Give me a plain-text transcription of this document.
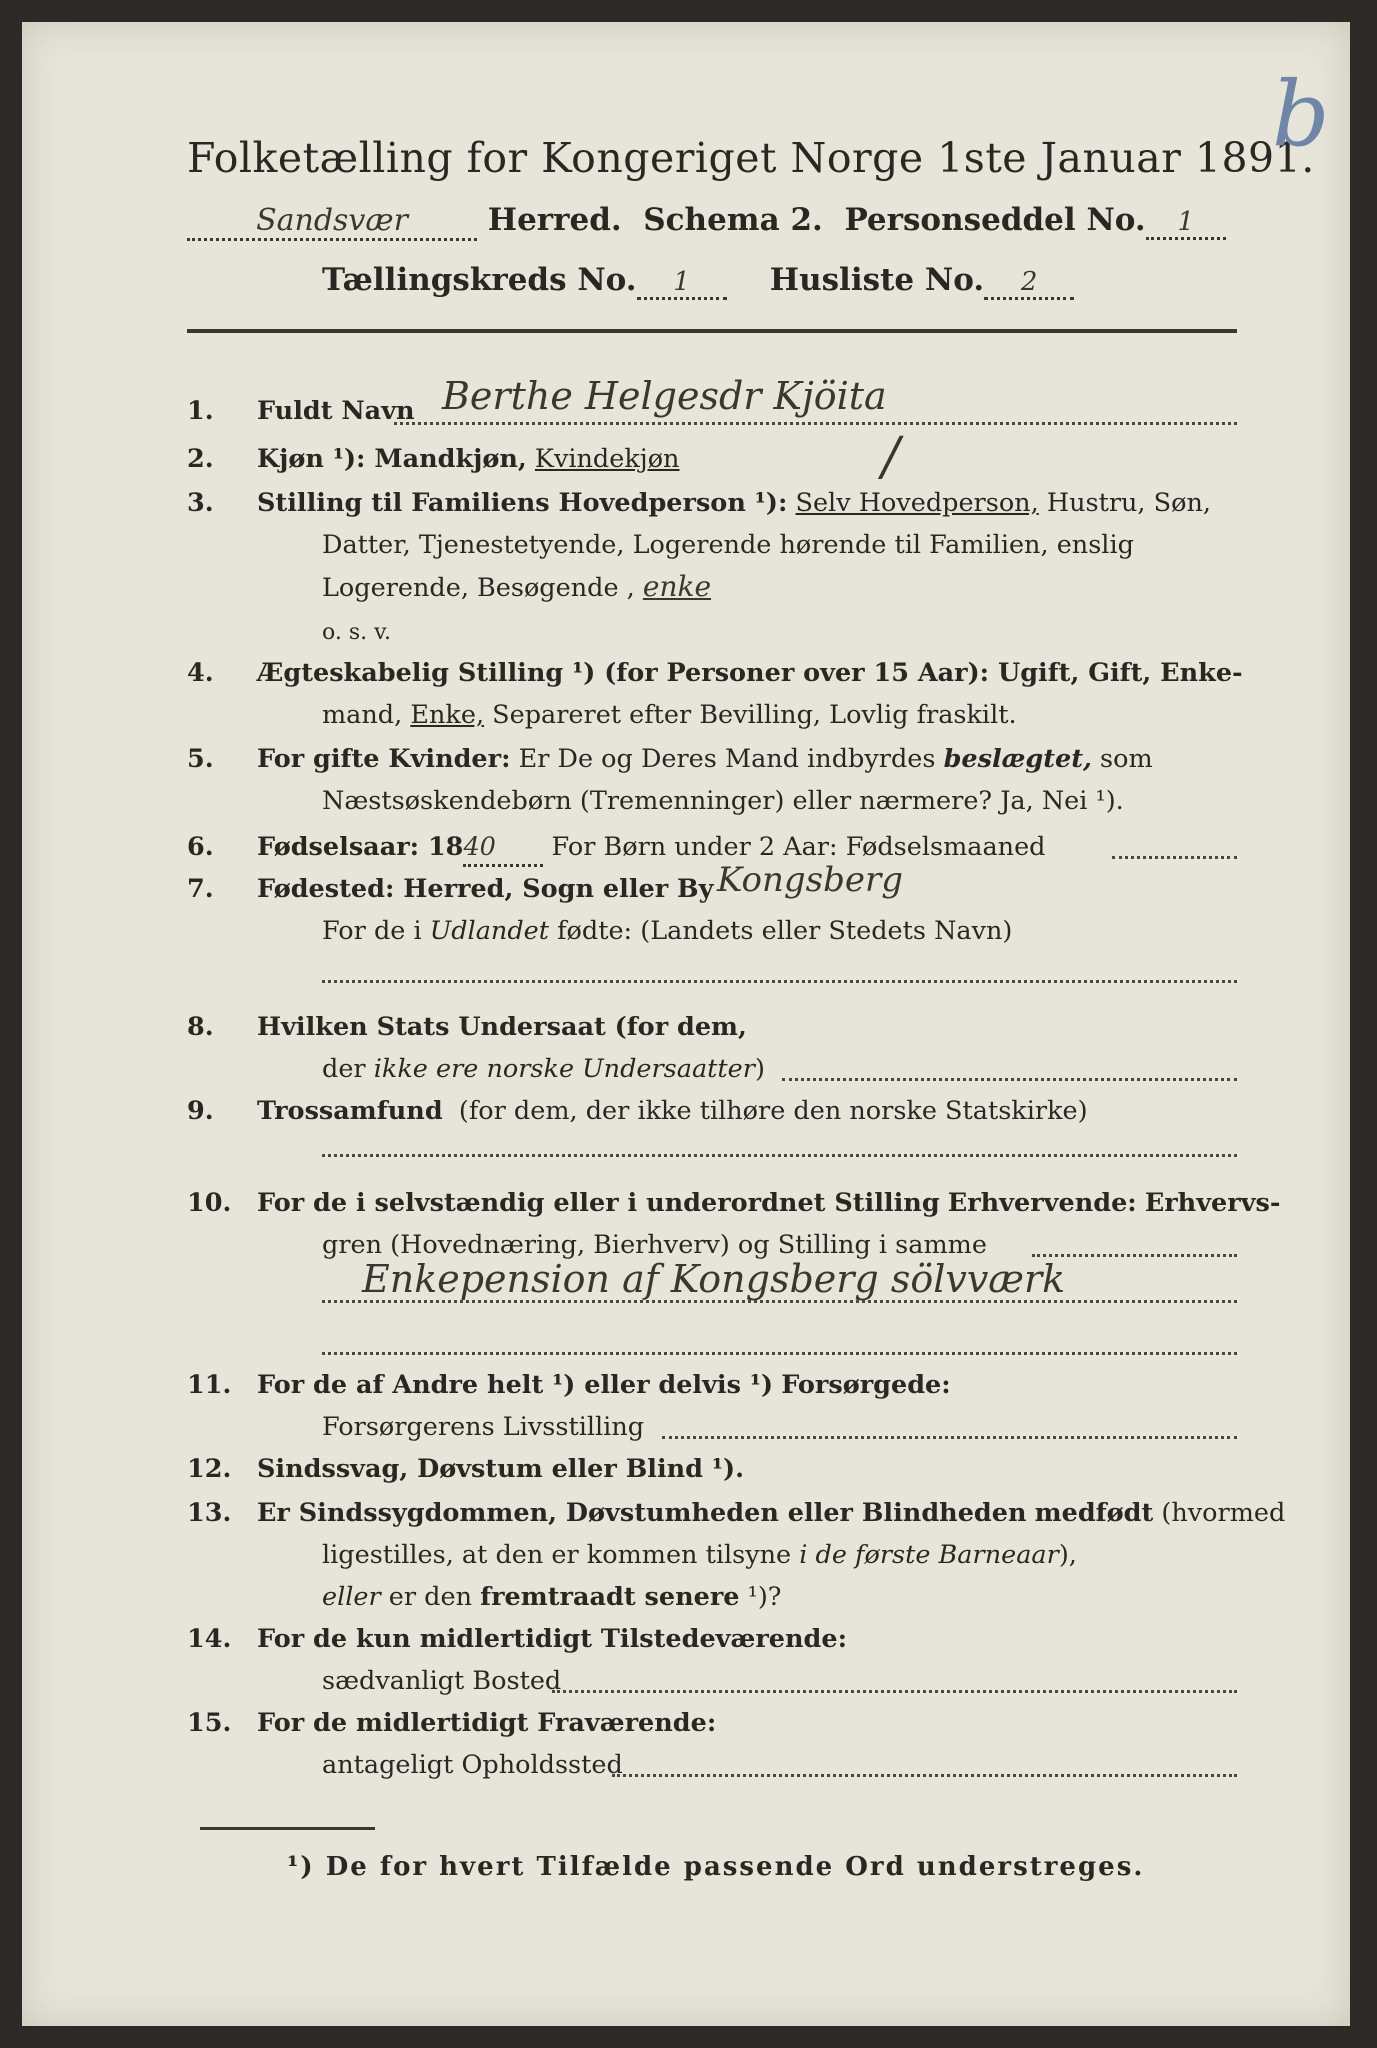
Folketælling for Kongeriget Norge 1ste Januar 1891.
b
Sandsvær	Herred. Schema 2. Personseddel No. 1
Tællingskreds No. 1	Husliste No. 2
1. Fuldt Navn Berthe Helgesdr Kjöita
2. Kjøn ¹): Mandkjøn, Kvindekjøn	/
3. Stilling til Familiens Hovedperson ¹): Selv Hovedperson, Hustru, Søn,
Datter, Tjenestetyende, Logerende hørende til Familien, enslig
Logerende, Besøgende , enke
o. s. v.
4. Ægteskabelig Stilling ¹) (for Personer over 15 Aar): Ugift, Gift, Enke-
mand, Enke, Separeret efter Bevilling, Lovlig fraskilt.
5. For gifte Kvinder: Er De og Deres Mand indbyrdes beslægtet, som
Næstsøskendebørn (Tremenninger) eller nærmere? Ja, Nei ¹).
6. Fødselsaar: 1840 For Børn under 2 Aar: Fødselsmaaned
7. Fødested: Herred, Sogn eller By Kongsberg
For de i Udlandet fødte: (Landets eller Stedets Navn)
8. Hvilken Stats Undersaat (for dem,
der ikke ere norske Undersaatter)
9. Trossamfund (for dem, der ikke tilhøre den norske Statskirke)
10. For de i selvstændig eller i underordnet Stilling Erhvervende: Erhvervs-
gren (Hovednæring, Bierhverv) og Stilling i samme
Enkepension af Kongsberg sölvværk
11. For de af Andre helt ¹) eller delvis ¹) Forsørgede:
Forsørgerens Livsstilling
12. Sindssvag, Døvstum eller Blind ¹).
13. Er Sindssygdommen, Døvstumheden eller Blindheden medfødt (hvormed
ligestilles, at den er kommen tilsyne i de første Barneaar),
eller er den fremtraadt senere ¹)?
14. For de kun midlertidigt Tilstedeværende:
sædvanligt Bosted
15. For de midlertidigt Fraværende:
antageligt Opholdssted
¹) De for hvert Tilfælde passende Ord understreges.
